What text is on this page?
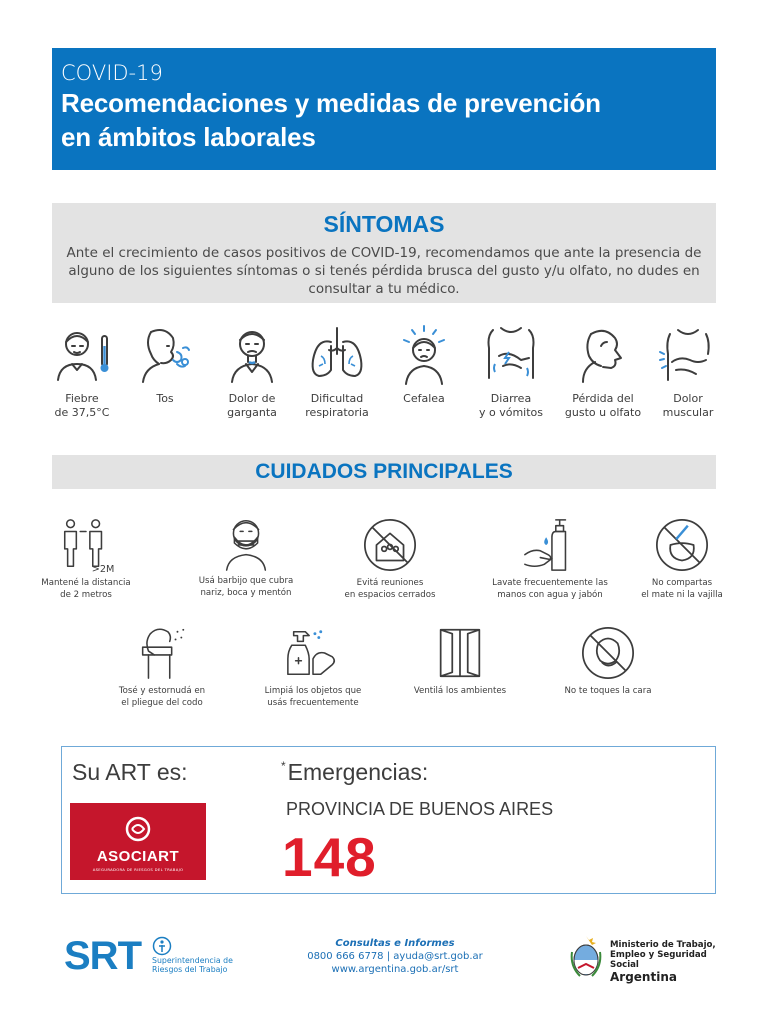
COVID-19
Recomendaciones y medidas de prevención
en ámbitos laborales
SÍNTOMAS

Ante el crecimiento de casos positivos de COVID-19, recomendamos que ante la presencia de alguno de los siguientes síntomas o si tenés pérdida brusca del gusto y/u olfato, no dudes en consultar a tu médico.

Fiebre
de 37,5°C
Tos	Dolor de
garganta
Dificultad
respiratoria
Cefalea	Diarrea
y o vómitos
Pérdida del
gusto u olfato
Dolor
muscular
CUIDADOS PRINCIPALES
>2M
Mantené la distancia
de 2 metros
Usá barbijo que cubra
nariz, boca y mentón
Evitá reuniones
en espacios cerrados
Lavate frecuentemente las
manos con agua y jabón
No compartas
el mate ni la vajilla
Tosé y estornudá en
el pliegue del codo
Limpiá los objetos que
usás frecuentemente
Ventilá los ambientes	No te toques la cara
Su ART es:
ASOCIART
ASEGURADORA DE RIESGOS DEL TRABAJO
*Emergencias:
PROVINCIA DE BUENOS AIRES
148
SRT Superintendencia de
Riesgos del Trabajo
Consultas e Informes
0800 666 6778 | ayuda@srt.gob.ar
www.argentina.gob.ar/srt
Ministerio de Trabajo,
Empleo y Seguridad Social
Argentina
